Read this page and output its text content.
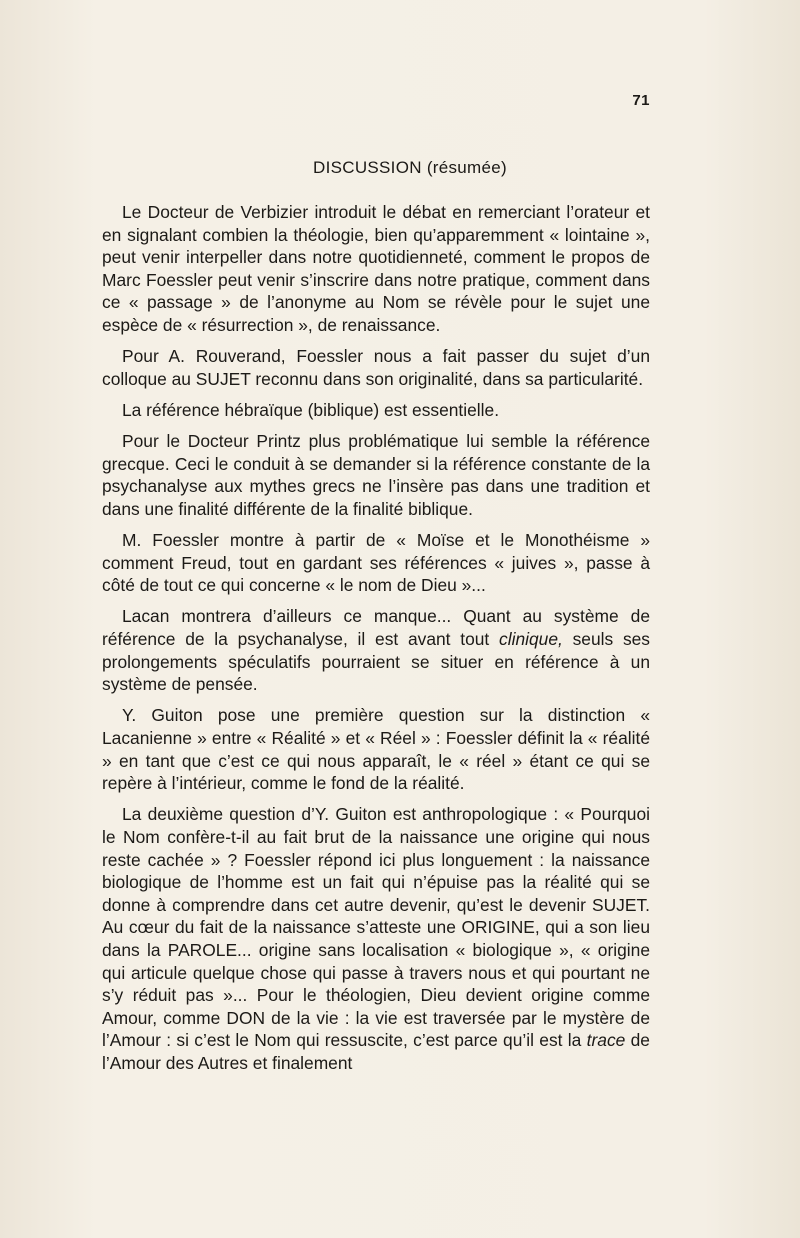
71
DISCUSSION (résumée)

Le Docteur de Verbizier introduit le débat en remerciant l’orateur et en signalant combien la théologie, bien qu’apparemment « lointaine », peut venir interpeller dans notre quotidienneté, comment le propos de Marc Foessler peut venir s’inscrire dans notre pratique, comment dans ce « passage » de l’anonyme au Nom se révèle pour le sujet une espèce de « résurrection », de renaissance.

Pour A. Rouverand, Foessler nous a fait passer du sujet d’un colloque au SUJET reconnu dans son originalité, dans sa particularité.

La référence hébraïque (biblique) est essentielle.

Pour le Docteur Printz plus problématique lui semble la référence grecque. Ceci le conduit à se demander si la référence constante de la psychanalyse aux mythes grecs ne l’insère pas dans une tradition et dans une finalité différente de la finalité biblique.

M. Foessler montre à partir de « Moïse et le Monothéisme » comment Freud, tout en gardant ses références « juives », passe à côté de tout ce qui concerne « le nom de Dieu »...

Lacan montrera d’ailleurs ce manque... Quant au système de référence de la psychanalyse, il est avant tout clinique, seuls ses prolongements spéculatifs pourraient se situer en référence à un système de pensée.

Y. Guiton pose une première question sur la distinction « Lacanienne » entre « Réalité » et « Réel » : Foessler définit la « réalité » en tant que c’est ce qui nous apparaît, le « réel » étant ce qui se repère à l’intérieur, comme le fond de la réalité.

La deuxième question d’Y. Guiton est anthropologique : « Pourquoi le Nom confère-t-il au fait brut de la naissance une origine qui nous reste cachée » ? Foessler répond ici plus longuement : la naissance biologique de l’homme est un fait qui n’épuise pas la réalité qui se donne à comprendre dans cet autre devenir, qu’est le devenir SUJET. Au cœur du fait de la naissance s’atteste une ORIGINE, qui a son lieu dans la PAROLE... origine sans localisation « biologique », « origine qui articule quelque chose qui passe à travers nous et qui pourtant ne s’y réduit pas »... Pour le théologien, Dieu devient origine comme Amour, comme DON de la vie : la vie est traversée par le mystère de l’Amour : si c’est le Nom qui ressuscite, c’est parce qu’il est la trace de l’Amour des Autres et finalement
